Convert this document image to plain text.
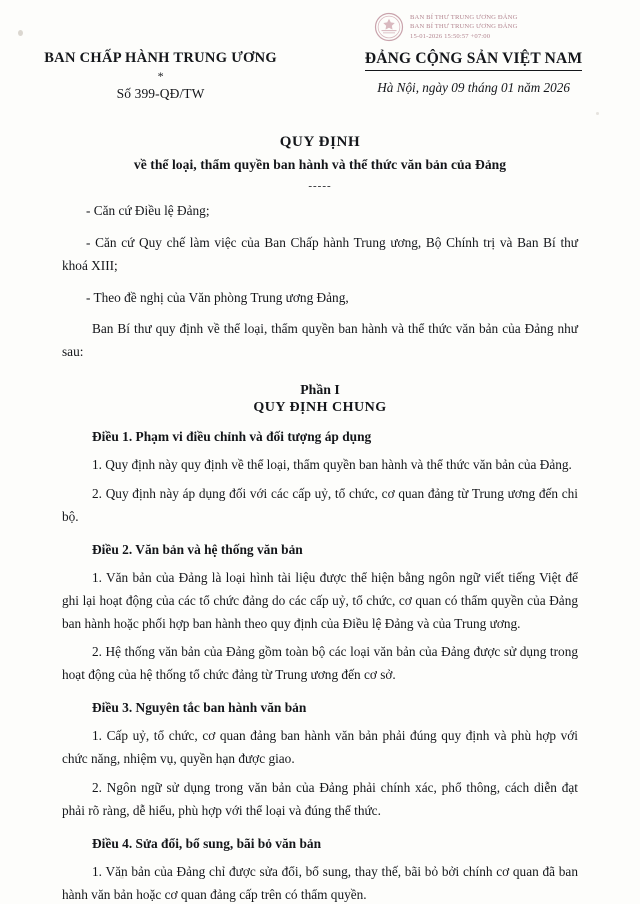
BAN BÍ THƯ TRUNG ƯƠNG ĐẢNG
BAN BÍ THƯ TRUNG ƯƠNG ĐẢNG
15-01-2026 15:50:57 +07:00
BAN CHẤP HÀNH TRUNG ƯƠNG
*
Số 399-QĐ/TW
ĐẢNG CỘNG SẢN VIỆT NAM
Hà Nội, ngày 09 tháng 01 năm 2026
QUY ĐỊNH
về thể loại, thẩm quyền ban hành và thể thức văn bản của Đảng
-----

- Căn cứ Điều lệ Đảng;

- Căn cứ Quy chế làm việc của Ban Chấp hành Trung ương, Bộ Chính trị và Ban Bí thư khoá XIII;

- Theo đề nghị của Văn phòng Trung ương Đảng,

Ban Bí thư quy định về thể loại, thẩm quyền ban hành và thể thức văn bản của Đảng như sau:

Phần I
QUY ĐỊNH CHUNG

Điều 1. Phạm vi điều chỉnh và đối tượng áp dụng

1. Quy định này quy định về thể loại, thẩm quyền ban hành và thể thức văn bản của Đảng.

2. Quy định này áp dụng đối với các cấp uỷ, tổ chức, cơ quan đảng từ Trung ương đến chi bộ.

Điều 2. Văn bản và hệ thống văn bản

1. Văn bản của Đảng là loại hình tài liệu được thể hiện bằng ngôn ngữ viết tiếng Việt để ghi lại hoạt động của các tổ chức đảng do các cấp uỷ, tổ chức, cơ quan có thẩm quyền của Đảng ban hành hoặc phối hợp ban hành theo quy định của Điều lệ Đảng và của Trung ương.

2. Hệ thống văn bản của Đảng gồm toàn bộ các loại văn bản của Đảng được sử dụng trong hoạt động của hệ thống tổ chức đảng từ Trung ương đến cơ sở.

Điều 3. Nguyên tắc ban hành văn bản

1. Cấp uỷ, tổ chức, cơ quan đảng ban hành văn bản phải đúng quy định và phù hợp với chức năng, nhiệm vụ, quyền hạn được giao.

2. Ngôn ngữ sử dụng trong văn bản của Đảng phải chính xác, phổ thông, cách diễn đạt phải rõ ràng, dễ hiểu, phù hợp với thể loại và đúng thể thức.

Điều 4. Sửa đổi, bổ sung, bãi bỏ văn bản

1. Văn bản của Đảng chỉ được sửa đổi, bổ sung, thay thế, bãi bỏ bởi chính cơ quan đã ban hành văn bản hoặc cơ quan đảng cấp trên có thẩm quyền.
